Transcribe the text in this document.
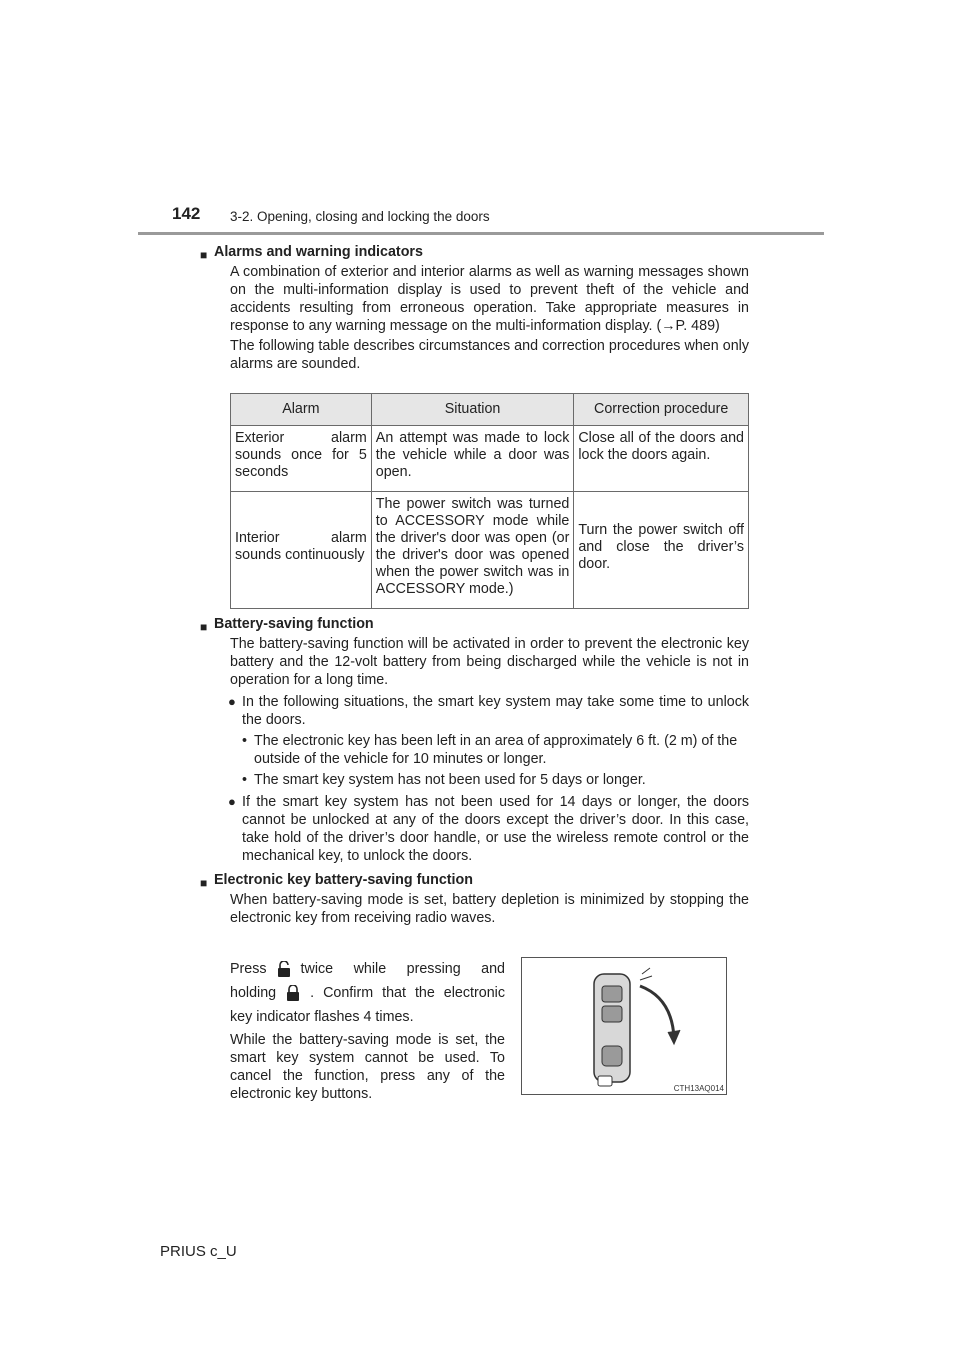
142 3-2. Opening, closing and locking the doors
■ Alarms and warning indicators

A combination of exterior and interior alarms as well as warning messages shown on the multi-information display is used to prevent theft of the vehicle and accidents resulting from erroneous operation. Take appropriate measures in response to any warning message on the multi-information display. (→P. 489)

The following table describes circumstances and correction procedures when only alarms are sounded.

Alarm	Situation	Correction procedure
Exterior alarm sounds once for 5 seconds	An attempt was made to lock the vehicle while a door was open.	Close all of the doors and lock the doors again.
Interior alarm sounds continuously	The power switch was turned to ACCESSORY mode while the driver's door was open (or the driver's door was opened when the power switch was in ACCESSORY mode.)	Turn the power switch off and close the driver’s door.
■ Battery-saving function

The battery-saving function will be activated in order to prevent the electronic key battery and the 12-volt battery from being discharged while the vehicle is not in operation for a long time.

● In the following situations, the smart key system may take some time to unlock the doors.
• The electronic key has been left in an area of approximately 6 ft. (2 m) of the outside of the vehicle for 10 minutes or longer.
• The smart key system has not been used for 5 days or longer.
● If the smart key system has not been used for 14 days or longer, the doors cannot be unlocked at any of the doors except the driver’s door. In this case, take hold of the driver’s door handle, or use the wireless remote control or the mechanical key, to unlock the doors.
■ Electronic key battery-saving function

When battery-saving mode is set, battery depletion is minimized by stopping the electronic key from receiving radio waves.

Press twice while pressing and holding . Confirm that the electronic key indicator flashes 4 times.

While the battery-saving mode is set, the smart key system cannot be used. To cancel the function, press any of the electronic key buttons.	CTH13AQ014
PRIUS c_U
